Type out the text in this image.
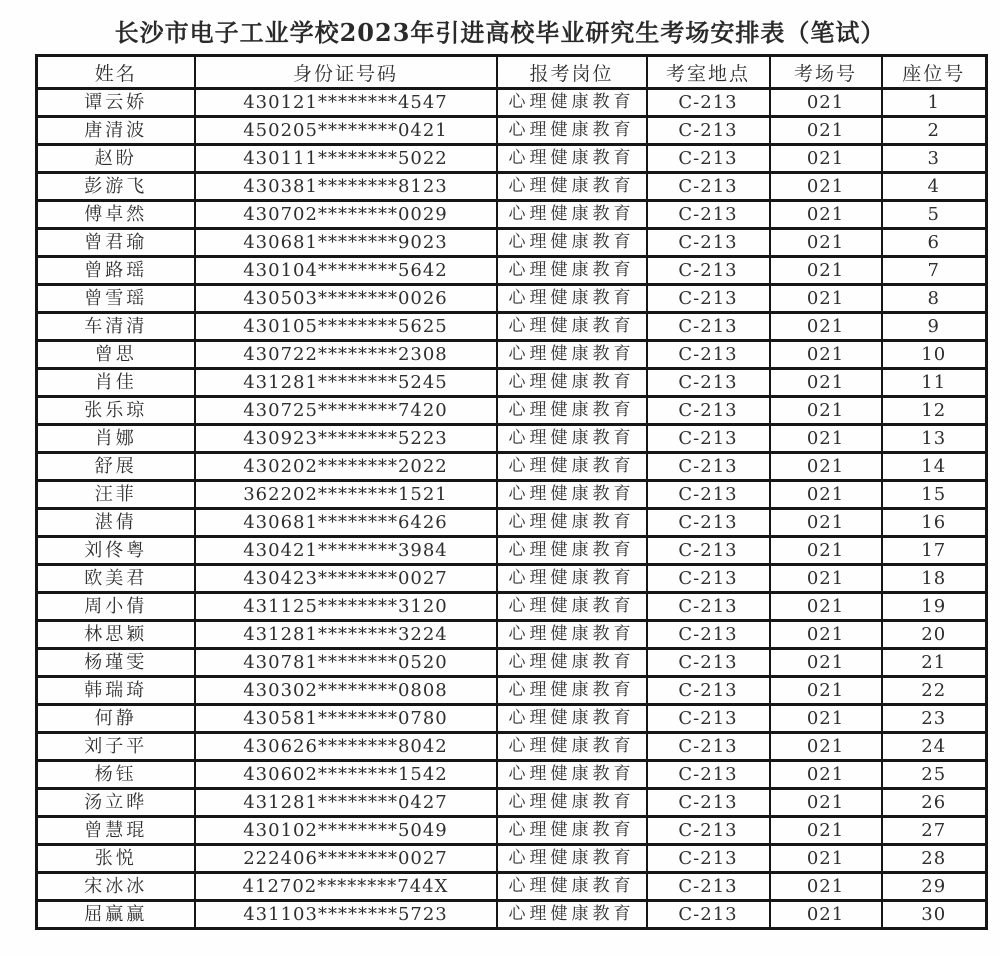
长沙市电子工业学校2023年引进高校毕业研究生考场安排表（笔试）
姓名	身份证号码	报考岗位	考室地点	考场号	座位号
谭云娇	430121********4547	心理健康教育	C-213	021	1
唐清波	450205********0421	心理健康教育	C-213	021	2
赵盼	430111********5022	心理健康教育	C-213	021	3
彭游飞	430381********8123	心理健康教育	C-213	021	4
傅卓然	430702********0029	心理健康教育	C-213	021	5
曾君瑜	430681********9023	心理健康教育	C-213	021	6
曾路瑶	430104********5642	心理健康教育	C-213	021	7
曾雪瑶	430503********0026	心理健康教育	C-213	021	8
车清清	430105********5625	心理健康教育	C-213	021	9
曾思	430722********2308	心理健康教育	C-213	021	10
肖佳	431281********5245	心理健康教育	C-213	021	11
张乐琼	430725********7420	心理健康教育	C-213	021	12
肖娜	430923********5223	心理健康教育	C-213	021	13
舒展	430202********2022	心理健康教育	C-213	021	14
汪菲	362202********1521	心理健康教育	C-213	021	15
湛倩	430681********6426	心理健康教育	C-213	021	16
刘佟粤	430421********3984	心理健康教育	C-213	021	17
欧美君	430423********0027	心理健康教育	C-213	021	18
周小倩	431125********3120	心理健康教育	C-213	021	19
林思颖	431281********3224	心理健康教育	C-213	021	20
杨瑾雯	430781********0520	心理健康教育	C-213	021	21
韩瑞琦	430302********0808	心理健康教育	C-213	021	22
何静	430581********0780	心理健康教育	C-213	021	23
刘子平	430626********8042	心理健康教育	C-213	021	24
杨钰	430602********1542	心理健康教育	C-213	021	25
汤立晔	431281********0427	心理健康教育	C-213	021	26
曾慧琨	430102********5049	心理健康教育	C-213	021	27
张悦	222406********0027	心理健康教育	C-213	021	28
宋冰冰	412702********744X	心理健康教育	C-213	021	29
屈赢赢	431103********5723	心理健康教育	C-213	021	30
